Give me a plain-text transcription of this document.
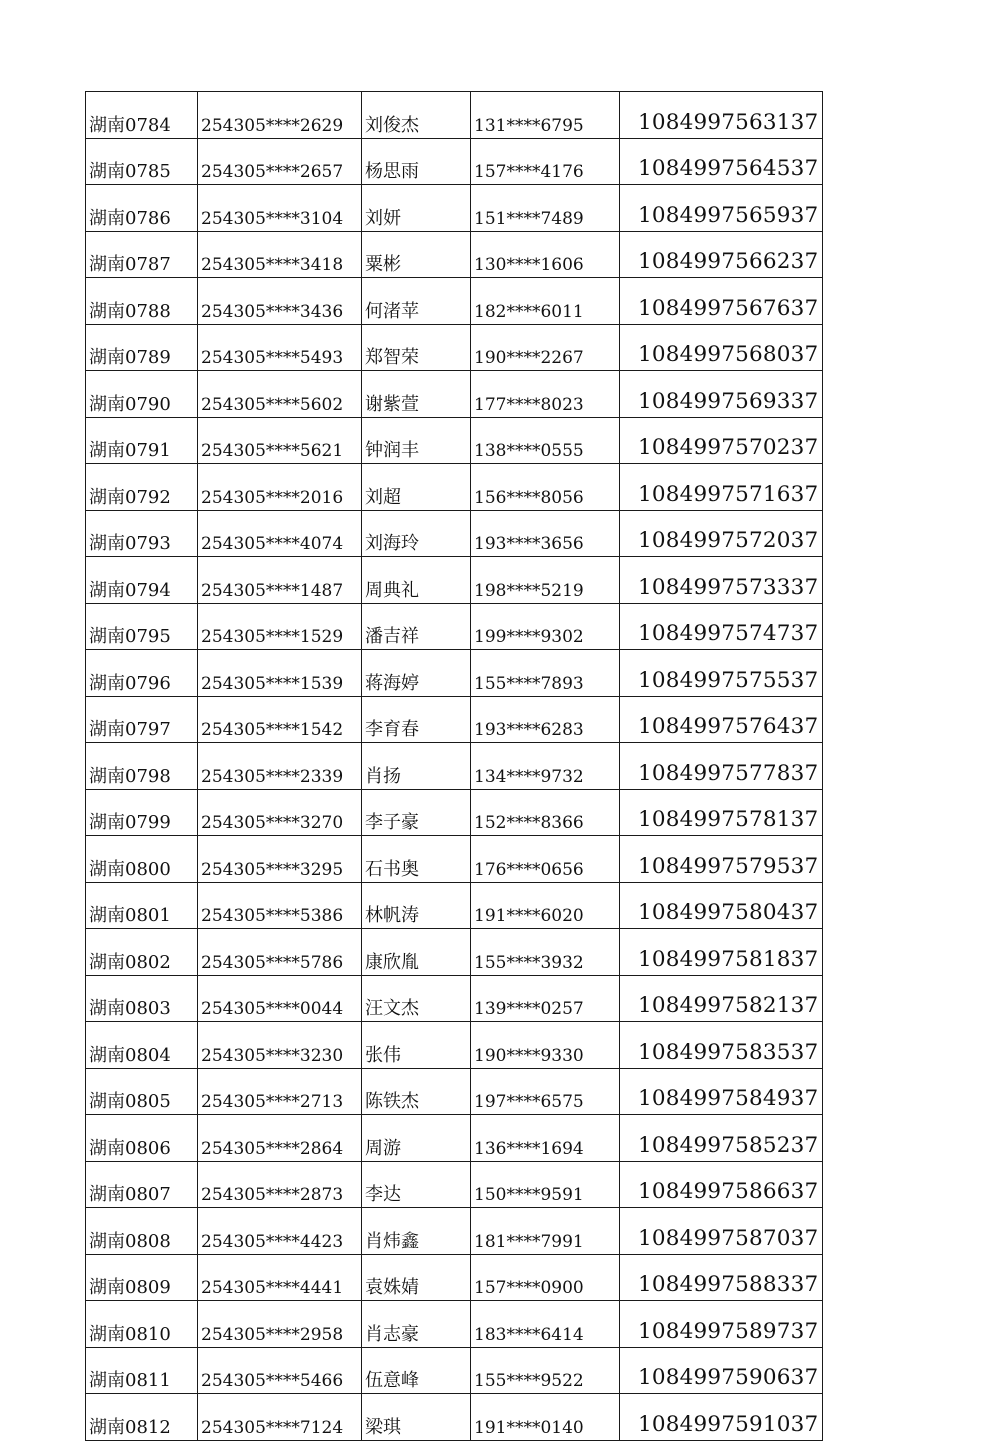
湖南0784	254305****2629	刘俊杰	131****6795	1084997563137
湖南0785	254305****2657	杨思雨	157****4176	1084997564537
湖南0786	254305****3104	刘妍	151****7489	1084997565937
湖南0787	254305****3418	粟彬	130****1606	1084997566237
湖南0788	254305****3436	何渚苹	182****6011	1084997567637
湖南0789	254305****5493	郑智荣	190****2267	1084997568037
湖南0790	254305****5602	谢紫萱	177****8023	1084997569337
湖南0791	254305****5621	钟润丰	138****0555	1084997570237
湖南0792	254305****2016	刘超	156****8056	1084997571637
湖南0793	254305****4074	刘海玲	193****3656	1084997572037
湖南0794	254305****1487	周典礼	198****5219	1084997573337
湖南0795	254305****1529	潘吉祥	199****9302	1084997574737
湖南0796	254305****1539	蒋海婷	155****7893	1084997575537
湖南0797	254305****1542	李育春	193****6283	1084997576437
湖南0798	254305****2339	肖扬	134****9732	1084997577837
湖南0799	254305****3270	李子豪	152****8366	1084997578137
湖南0800	254305****3295	石书奥	176****0656	1084997579537
湖南0801	254305****5386	林帆涛	191****6020	1084997580437
湖南0802	254305****5786	康欣胤	155****3932	1084997581837
湖南0803	254305****0044	汪文杰	139****0257	1084997582137
湖南0804	254305****3230	张伟	190****9330	1084997583537
湖南0805	254305****2713	陈铁杰	197****6575	1084997584937
湖南0806	254305****2864	周游	136****1694	1084997585237
湖南0807	254305****2873	李达	150****9591	1084997586637
湖南0808	254305****4423	肖炜鑫	181****7991	1084997587037
湖南0809	254305****4441	袁姝婧	157****0900	1084997588337
湖南0810	254305****2958	肖志豪	183****6414	1084997589737
湖南0811	254305****5466	伍意峰	155****9522	1084997590637
湖南0812	254305****7124	梁琪	191****0140	1084997591037
